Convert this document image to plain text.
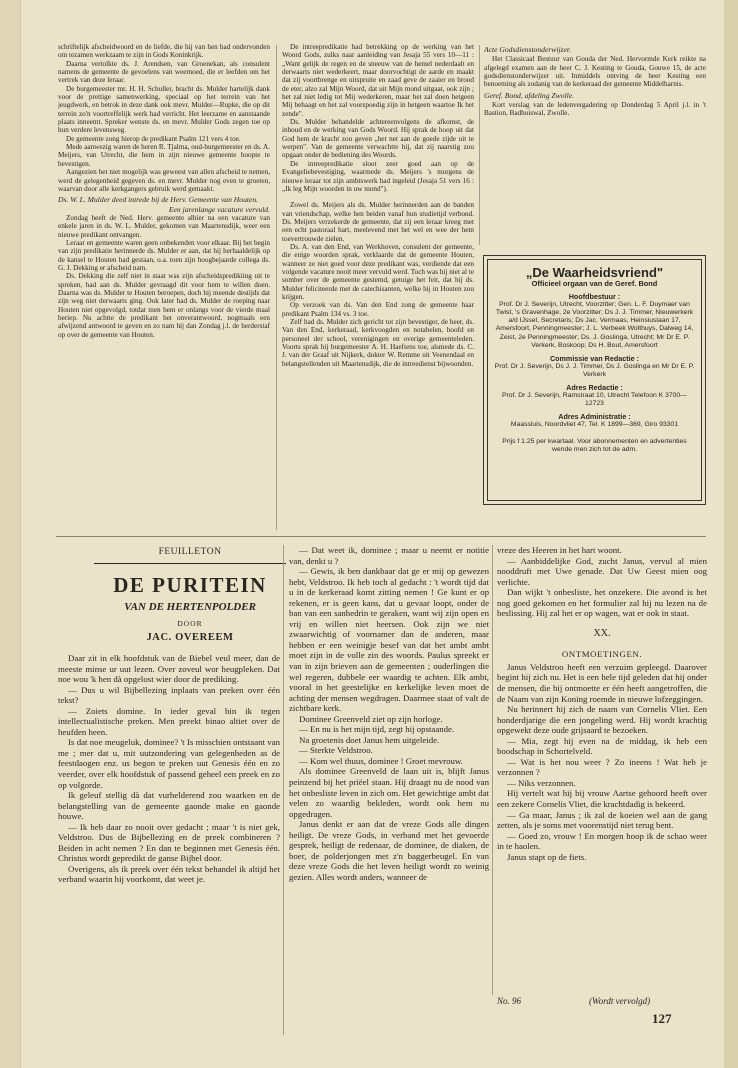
schriftelijk afscheidwoord en de liefde, die hij van hen had ondervonden om tezamen werkzaam te zijn in Gods Koninkrijk.

Daarna vertolkte ds. J. Arendsen, van Groenekan, als consulent namens de gemeente de gevoelens van weemoed, die er leefden om het vertrek van deze leraar.

De burgemeester mr. H. H. Schuller, bracht ds. Mulder hartelijk dank voor de prettige samenwerking, speciaal op het terrein van het jeugdwerk, en betrok in deze dank ook mevr. Mulder—Rupke, die op dit terrein zo'n voortreffelijk werk had verricht. Het leerzame en aanstaande plaats inneemt. Spreker wenste ds. en mevr. Mulder Gods zegen toe op hun verdere levensweg.

De gemeente zong hierop de predikant Psalm 121 vers 4 toe.

Mede aanwezig waren de heren R. Tjalma, oud-burgemeester en ds. A. Meijers, van Utrecht, die hem in zijn nieuwe gemeente hoopte te bevestigen.

Aangezien het niet mogelijk was geweest van allen afscheid te nemen, werd de gelegenheid gegeven ds. en mevr. Mulder nog even te groeten, waarvan door alle kerkgangers gebruik werd gemaakt.

Ds. W. L. Mulder deed intrede bij de Herv. Gemeente van Houten.
Een jarenlange vacature vervuld.

Zondag heeft de Ned. Herv. gemeente alhier na een vacature van enkele jaren in ds. W. L. Mulder, gekomen van Maartensdijk, weer een nieuwe predikant ontvangen.

Leraar en gemeente waren geen onbekenden voor elkaar. Bij het begin van zijn predikatie herinnerde ds. Mulder er aan, dat hij herhaaldelijk op de kansel te Houten had gestaan, o.a. toen zijn hoogbejaarde collega ds. G. J. Dekking er afscheid nam.

Ds. Dekking die zelf niet in staat was zijn afscheidspredikiing uit te spreken, had aan ds. Mulder gevraagd dit voor hem te willen doen. Daarna was ds. Mulder te Houten beroepen, doch hij meende destijds dat zijn weg niet derwaarts ging. Ook later had ds. Mulder de roeping naar Houten niet opgevolgd, totdat men hem er onlangs voor de vierde maal beriep. Nu achtte de predikant het onverantwoord, nogmaals een afwijzend antwoord te geven en zo nam hij dan Zondag j.l. de herderstaf op over de gemeente van Houten.

De intreepredikatie had betrekking op de werking van het Woord Gods, zulks naar aanleiding van Jesaja 55 vers 10—11 : „Want gelijk de regen en de sneeuw van de hemel nederdaalt en derwaarts niet wederkeert, maar doorvochtigt de aarde en maakt dat zij voortbrenge en uitspruite en zaad geve de zaaier en brood de eter, alzo zal Mijn Woord, dat uit Mijn mond uitgaat, ook zijn ; het zal niet ledig tot Mij wederkeren, maar het zal doen hetgeen Mij behaagt en het zal voorspoedig zijn in hetgeen waartoe Ik het zende".

Ds. Mulder behandelde achtereenvolgens de afkomst, de inhoud en de werking van Gods Woord. Hij sprak de hoop uit dat God hem de kracht zou geven „het net aan de goede zijde uit te werpen". Van de gemeente verwachtte hij, dat zij naarstig zou opgaan onder de bediening des Woords.

De intreepredikatie sloot zeer goed aan op de Evangeliebevestiging, waarmede ds. Meijers 's morgens de nieuwe leraar tot zijn ambtswerk had ingeleid (Jesaja 51 vers 16 : „Ik leg Mijn woorden in uw mond").

Zowel ds. Meijers als ds. Mulder herinnerden aan de banden van vriendschap, welke hen beiden vanaf hun studietijd verbond. Ds. Meijers verzekerde de gemeente, dat zij een leraar kreeg met een echt pastoraal hart, meelevend met het wel en wee der hem toevertrouwde zielen.

Ds. A. van den End, van Werkhoven, consulent der gemeente, die enige woorden sprak, verklaarde dat de gemeente Houten, wanneer ze niet goed voor deze predikant was, verdiende dat een volgende vacature nooit meer vervuld werd. Toch was hij niet al te somber over de gemeente gestemd, getuige het feit, dat hij ds. Mulder feliciteerde met de catechisanten, welke hij in Houten zou krijgen.

Op verzoek van ds. Van den End zong de gemeente haar predikant Psalm 134 vs. 3 toe.

Zelf had ds. Mulder zich gericht tot zijn bevestiger, de heer, ds. Van den End, kerkeraad, kerkvoogden en notabelen, hoofd en personeel der school, verenigingen en overige gemeenteleden. Voorts sprak hij burgemeester A. H. Haeftens toe, alsmede ds. C. J. van der Graaf uit Nijkerk, dokter W. Remme uit Veenendaal en belangstellenden uit Maartensdijk, die de intreedienst bijwoonden.

Acte Godsdienstonderwijzer.

Het Classicaal Bestuur van Gouda der Ned. Hervormde Kerk reikte na afgelegd examen aan de heer C. J. Kesting te Gouda, Gouwe 15, de acte godsdienstonderwijzer uit. Inmiddels ontving de heer Kesting een benoeming als zodanig van de kerkeraad der gemeente Middelharnis.

Geref. Bond, afdeling Zwolle.

Kort verslag van de ledenvergadering op Donderdag 5 April j.l. in 't Bastion, Badhuiswal, Zwolle.

„De Waarheidsvriend"
Officieel orgaan van de Geref. Bond
Hoofdbestuur :

Prof. Dr J. Severijn, Utrecht, Voorzitter; Gen. L. F. Duymaer van Twist, 's Gravenhage, 2e Voorzitter; Ds J. J. Timmer, Nieuwerkerk a/d IJssel, Secretaris; Ds Jac. Vermaas, Heinsiuslaan 17, Amersfoort, Penningmeester; J. L. Verbeek Wolthuys, Dalweg 14, Zeist, 2e Penningmeester; Ds. J. Goslinga, Utrecht; Mr Dr E. P. Verkerk, Boskoop; Ds H. Bout, Amersfoort

Commissie van Redactie :

Prof. Dr J. Severijn, Ds J. J. Timmer, Ds J. Goslinga en Mr Dr E. P. Verkerk

Adres Redactie :

Prof. Dr J. Severijn, Ramstraat 10, Utrecht Telefoon K 3700—12723

Adres Administratie :

Maassluis, Noordvliet 47, Tel. K 1899—369, Giro 93301

Prijs f 1.25 per kwartaal. Voor abonnementen en advertenties wende men zich tot de adm.

FEUILLETON
DE PURITEIN
VAN DE HERTENPOLDER
DOOR
JAC. OVEREEM

Daar zit in elk hoofdstuk van de Biebel veul meer, dan de meeste minse ur uut lezen. Over zoveul wor heugpleken. Dat noe wou 'k hen dà opgelost wier door de prediking.

— Dus u wil Bijbellezing inplaats van preken over één tekst?

— Zoiets domine. In ieder geval bin ik tegen intellectualistische preken. Men preekt binao altiet over de heufden heen.

Is dat noe meugeluk, dominee? 't Is misschien ontstaant van me ; mer dat u, mit uutzondering van gelegenheden as de feestdaogen enz. us begon te preken uut Genesis één en zo veerder, over elk hoofdstuk of passend geheel een preek en zo op volgorde.

Ik geleuf stellig dà dat vurhelderend zou waarken en de belangstelling van de gemeente gaonde make en gaonde houwe.

— Ik heb daar zo nooit over gedacht ; maar 't is niet gek, Veldstroo. Dus de Bijbellezing en de preek combineren ? Beiden in acht nemen ? En dan te beginnen met Genesis één. Christus wordt gepredikt de ganse Bijbel door.

Overigens, als ik preek over één tekst behandel ik altijd het verband waarin hij voorkomt, dat weet je.

— Dat weet ik, dominee ; maar u neemt er notitie van, denkt u ?

— Gewis, ik ben dankbaar dat ge er mij op gewezen hebt, Veldstroo. Ik heb toch al gedacht : 't wordt tijd dat u in de kerkeraad komt zitting nemen ! Ge kunt er op rekenen, er is geen kans, dat u gevaar loopt, onder de ban van een sanhedrin te geraken, want wij zijn open en vrij en willen niet heersen. Ook zijn we niet zwaarwichtig of voornamer dan de anderen, maar hebben er een weinigje besef van dat het ambt ambt moet zijn in de volle zin des woords. Paulus spreekt er van in zijn brieven aan de gemeenten ; ouderlingen die wel regeren, dubbele eer waardig te achten. Elk ambt, vooral in het geestelijke en kerkelijke leven moet de achting der mensen wegdragen. Daarmee staat of valt de zichtbare kerk.

Dominee Greenveld ziet op zijn horloge.

— En nu is het mijn tijd, zegt hij opstaande.

Na groetenis doet Janus hem uitgeleide.

— Sterkte Veldstroo.

— Kom wel thuus, dominee ! Groet mevrouw.

Als dominee Greenveld de laan uit is, blijft Janus peinzend bij het priëel staan. Hij draagt nu de nood van het onbesliste leven in zich om. Het gewichtige ambt dat velen zo waardig bekleden, wordt ook hem nu opgedragen.

Janus denkt er aan dat de vreze Gods alle dingen heiligt. De vreze Gods, in verband met het gevoerde gesprek, heiligt de redenaar, de dominee, de diaken, de boer, de polderjongen met z'n baggerbeugel. En van deze vreze Gods die het leven heiligt wordt zo weinig gezien. Alles wordt anders, wanneer de

vreze des Heeren in het hart woont.

— Aanbiddelijke God, zucht Janus, vervul al mien nooddruft met Uwe genade. Dat Uw Geest mien oog verlichte.

Dan wijkt 't onbesliste, het onzekere. Die avond is het nog goed gekomen en het formulier zal hij nu lezen na de beslissing. Hij zal het er op wagen, wat er ook in staat.

XX.
ONTMOETINGEN.

Janus Veldstroo heeft een verzuim gepleegd. Daarover begint hij zich nu. Het is een hele tijd geleden dat hij onder de mensen, die hij ontmoette er één heeft aangetroffen, die de Naam van zijn Koning roemde in nieuwe lofzeggingen.

Nu herinnert hij zich de naam van Cornelis Vliet. Een honderdjarige die een jongeling werd. Hij wordt krachtig opgewekt deze oude grijsaard te bezoeken.

— Mia, zegt hij even na de middag, ik heb een boodschap in Schortelveld.

— Wat is het nou weer ? Zo ineens ! Wat heb je verzonnen ?

— Niks verzonnen.

Hij vertelt wat hij bij vrouw Aartse gehoord heeft over een zekere Cornelis Vliet, die krachtdadig is bekeerd.

— Ga maar, Janus ; ik zal de koeien wel aan de gang zetten, als je soms met voorenstijd niet terug bent.

— Goed zo, vrouw ! En morgen hoop ik de schao weer in te haolen.

Janus stapt op de fiets.

No. 96	(Wordt vervolgd)
127
